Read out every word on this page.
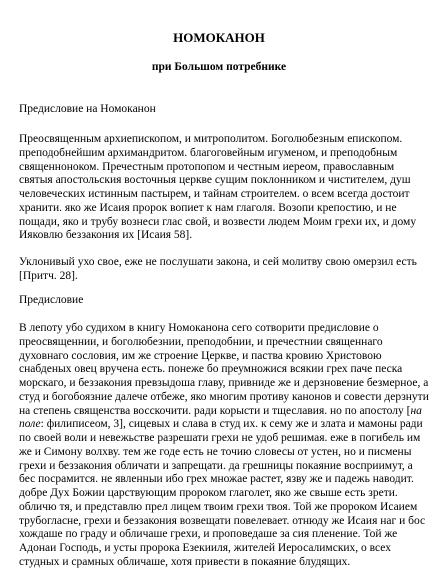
НОМОКАНОН
при Большом потребнике

Предисловие на Номоканон

Преосвященным архиепископом, и митрополитом. Боголюбезным епископом. преподобнейшим архимандритом. благоговейным игуменом, и преподобным священноноком. Пречестным протопопом и честным иереом, православным святыя апостольския восточныя церкве сущим поклонником и чистителем, душ человеческих истинным пастырем, и тайнам строителем. о всем всегда достоит хранити. яко же Исаия пророк вопиет к нам глаголя. Возопи крепостию, и не пощади, яко и трубу вознеси глас свой, и возвести людем Моим грехи их, и дому Ияковлю беззакония их [Исаия 58].

Уклонивый ухо свое, еже не послушати закона, и сей молитву свою омерзил есть [Притч. 28].

Предисловие

В лепоту убо судихом в книгу Номоканона сего сотворити предисловие о преосвященнии, и боголюбезнии, преподобнии, и пречестнии священнаго духовнаго сословия, им же строение Церкве, и паства кровию Христовою снабденых овец вручена есть. понеже бо преумножися всякии грех паче песка морскаго, и беззакония превзыдоша главу, привниде же и дерзновение безмерное, а студ и богобоязние далече отбеже, яко многим противу канонов и совести дерзнути на степень священства восскочити. ради корысти и тщеславия. но по апостолу [на поле: филиписеом, 3], сицевых и слава в студ их. к сему же и злата и мамоны ради по своей воли и невежьстве разрешати грехи не удоб решимая. еже в погибель им же и Симону волхву. тем же годе есть не точию словесы от устен, но и писмены грехи и беззакония обличати и запрещати. да грешницы покаяние восприимут, а бес посрамится. не явленныи ибо грех множае растет, язву же и падежь наводит. добре Дух Божии царствующим пророком глаголет, яко же свыше есть зрети. обличю тя, и представлю прел лицем твоим грехи твоя. Той же пророком Исаием трубогласне, грехи и беззакония возвещати повелевает. отнюду же Исаия наг и бос хождаше по граду и обличаше грехи, и проповедаше за сия пленение. Той же Адонаи Господь, и усты пророка Езекииля, жителей Иеросалимских, о всех студных и срамных обличаше, хотя привести в покаяние блудящих.
